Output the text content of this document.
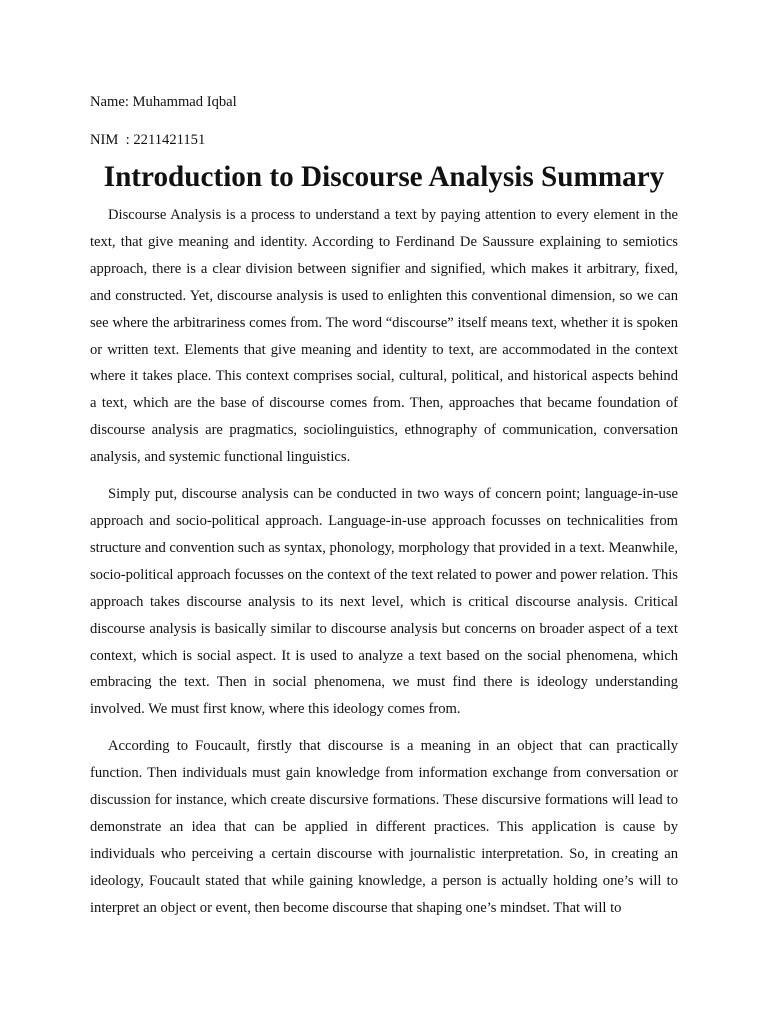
Name: Muhammad Iqbal

NIM  : 2211421151

Introduction to Discourse Analysis Summary

Discourse Analysis is a process to understand a text by paying attention to every element in the text, that give meaning and identity. According to Ferdinand De Saussure explaining to semiotics approach, there is a clear division between signifier and signified, which makes it arbitrary, fixed, and constructed. Yet, discourse analysis is used to enlighten this conventional dimension, so we can see where the arbitrariness comes from. The word “discourse” itself means text, whether it is spoken or written text. Elements that give meaning and identity to text, are accommodated in the context where it takes place. This context comprises social, cultural, political, and historical aspects behind a text, which are the base of discourse comes from. Then, approaches that became foundation of discourse analysis are pragmatics, sociolinguistics, ethnography of communication, conversation analysis, and systemic functional linguistics.

Simply put, discourse analysis can be conducted in two ways of concern point; language-in-use approach and socio-political approach. Language-in-use approach focusses on technicalities from structure and convention such as syntax, phonology, morphology that provided in a text. Meanwhile, socio-political approach focusses on the context of the text related to power and power relation. This approach takes discourse analysis to its next level, which is critical discourse analysis. Critical discourse analysis is basically similar to discourse analysis but concerns on broader aspect of a text context, which is social aspect. It is used to analyze a text based on the social phenomena, which embracing the text. Then in social phenomena, we must find there is ideology understanding involved. We must first know, where this ideology comes from.

According to Foucault, firstly that discourse is a meaning in an object that can practically function. Then individuals must gain knowledge from information exchange from conversation or discussion for instance, which create discursive formations. These discursive formations will lead to demonstrate an idea that can be applied in different practices. This application is cause by individuals who perceiving a certain discourse with journalistic interpretation. So, in creating an ideology, Foucault stated that while gaining knowledge, a person is actually holding one’s will to interpret an object or event, then become discourse that shaping one’s mindset. That will to
